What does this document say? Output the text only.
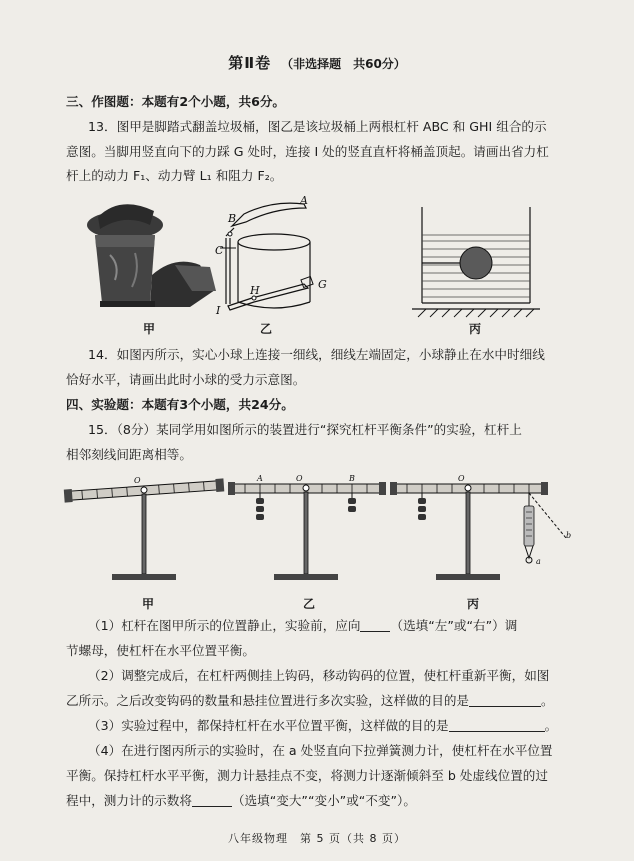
第Ⅱ卷 （非选择题　共60分）
三、作图题：本题有2个小题，共6分。
13．图甲是脚踏式翻盖垃圾桶，图乙是该垃圾桶上两根杠杆 ABC 和 GHI 组合的示
意图。当脚用竖直向下的力踩 G 处时，连接 I 处的竖直直杆将桶盖顶起。请画出省力杠
杆上的动力 F₁、动力臂 L₁ 和阻力 F₂。
甲
B
A
C
H	G
I
乙	丙
14．如图丙所示，实心小球上连接一细线，细线左端固定，小球静止在水中时细线
恰好水平，请画出此时小球的受力示意图。
四、实验题：本题有3个小题，共24分。
15．（8分）某同学用如图所示的装置进行“探究杠杆平衡条件”的实验，杠杆上
相邻刻线间距离相等。
O
甲
A	O	B
乙
O
a
b
丙
（1）杠杆在图甲所示的位置静止，实验前，应向 （选填“左”或“右”）调
节螺母，使杠杆在水平位置平衡。
（2）调整完成后，在杠杆两侧挂上钩码，移动钩码的位置，使杠杆重新平衡，如图
乙所示。之后改变钩码的数量和悬挂位置进行多次实验，这样做的目的是	。
（3）实验过程中，都保持杠杆在水平位置平衡，这样做的目的是	。
（4）在进行图丙所示的实验时，在 a 处竖直向下拉弹簧测力计，使杠杆在水平位置
平衡。保持杠杆水平平衡，测力计悬挂点不变，将测力计逐渐倾斜至 b 处虚线位置的过
程中，测力计的示数将	（选填“变大”“变小”或“不变”）。
八年级物理　第 5 页（共 8 页）
